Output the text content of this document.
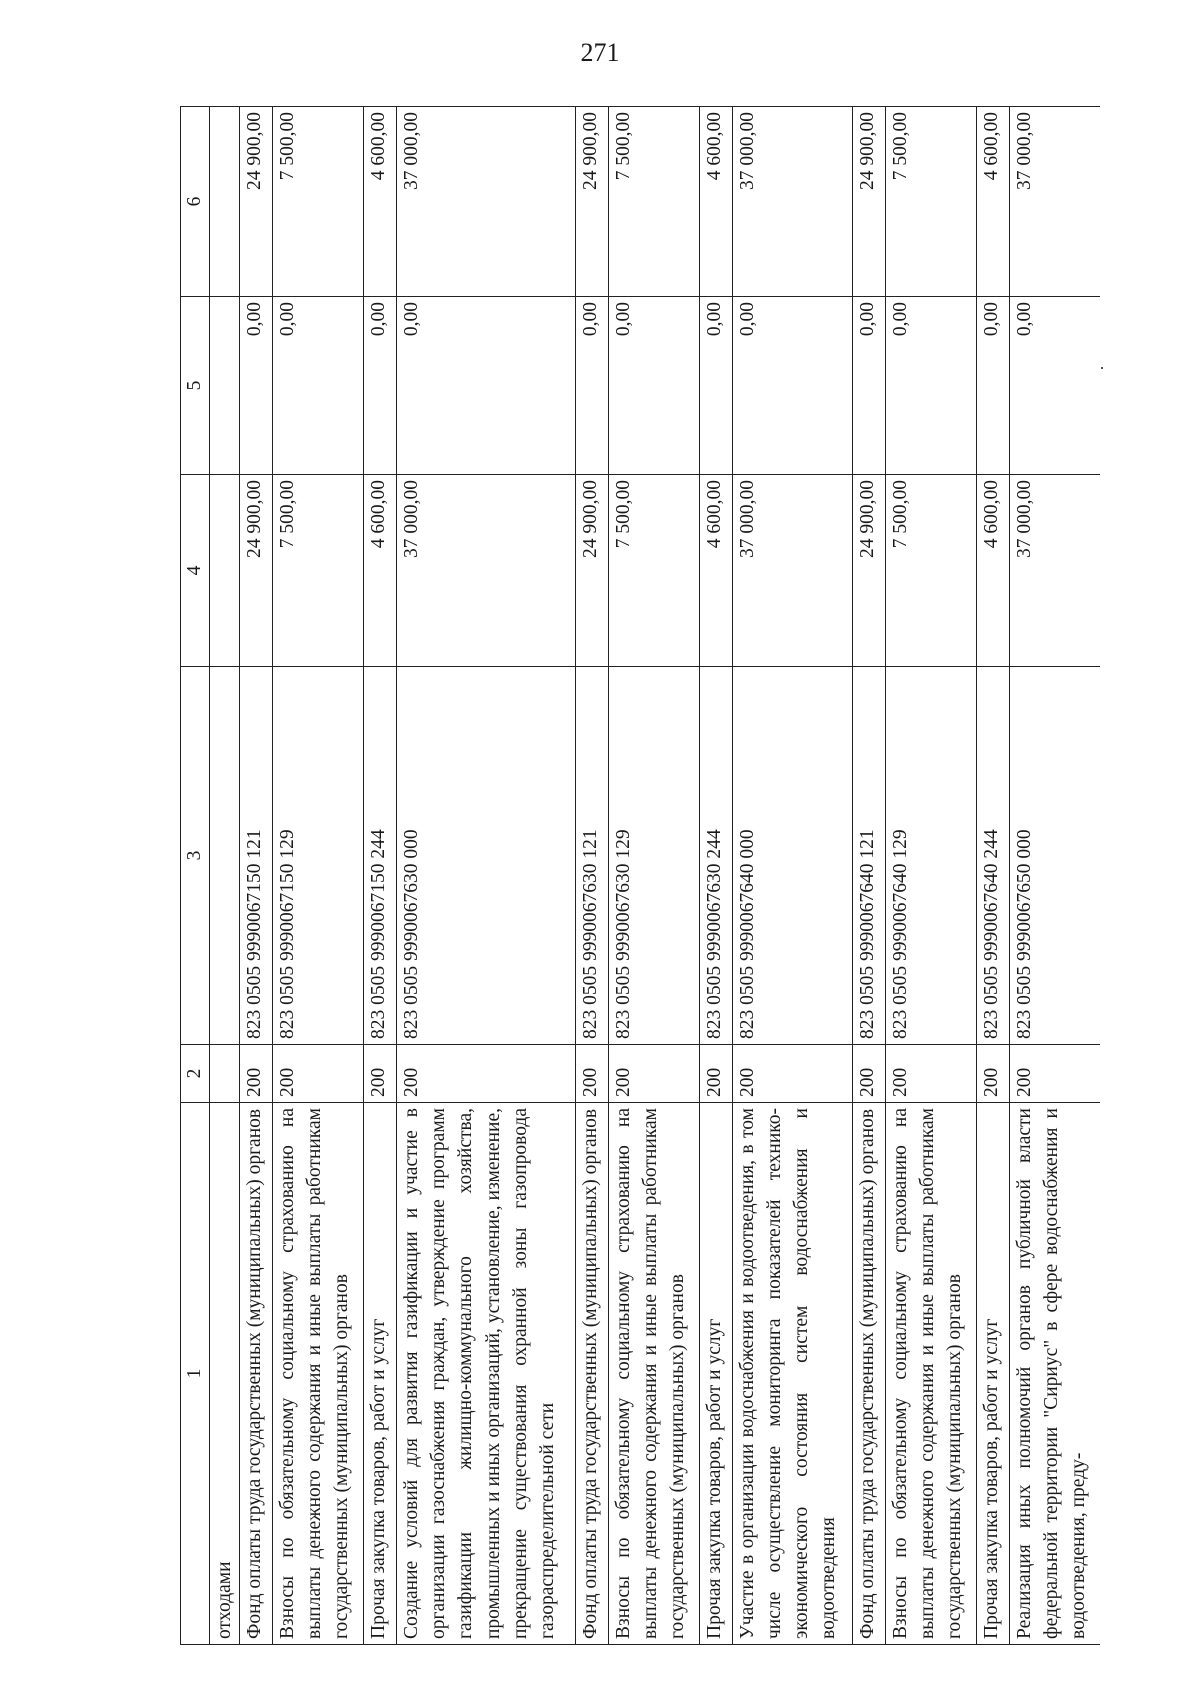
271
1	2	3	4	5	6
отходами					
Фонд оплаты труда государственных (муниципальных) органов	200	823 0505 9990067150 121	24 900,00	0,00	24 900,00
Взносы по обязательному социальному страхованию на выплаты денежного содержания и иные выплаты работникам государственных (муниципальных) органов	200	823 0505 9990067150 129	7 500,00	0,00	7 500,00
Прочая закупка товаров, работ и услуг	200	823 0505 9990067150 244	4 600,00	0,00	4 600,00
Создание условий для развития газификации и участие в организации газоснабжения граждан, утверждение программ газификации жилищно-коммунального хозяйства, промышленных и иных организаций, установление, изменение, прекращение существования охранной зоны газопровода газораспределительной сети	200	823 0505 9990067630 000	37 000,00	0,00	37 000,00
Фонд оплаты труда государственных (муниципальных) органов	200	823 0505 9990067630 121	24 900,00	0,00	24 900,00
Взносы по обязательному социальному страхованию на выплаты денежного содержания и иные выплаты работникам государственных (муниципальных) органов	200	823 0505 9990067630 129	7 500,00	0,00	7 500,00
Прочая закупка товаров, работ и услуг	200	823 0505 9990067630 244	4 600,00	0,00	4 600,00
Участие в организации водоснабжения и водоотведения, в том числе осуществление мониторинга показателей технико-экономического состояния систем водоснабжения и водоотведения	200	823 0505 9990067640 000	37 000,00	0,00	37 000,00
Фонд оплаты труда государственных (муниципальных) органов	200	823 0505 9990067640 121	24 900,00	0,00	24 900,00
Взносы по обязательному социальному страхованию на выплаты денежного содержания и иные выплаты работникам государственных (муниципальных) органов	200	823 0505 9990067640 129	7 500,00	0,00	7 500,00
Прочая закупка товаров, работ и услуг	200	823 0505 9990067640 244	4 600,00	0,00	4 600,00
Реализация иных полномочий органов публичной власти федеральной территории "Сириус" в сфере водоснабжения и водоотведения, преду-	200	823 0505 9990067650 000	37 000,00	0,00	37 000,00
